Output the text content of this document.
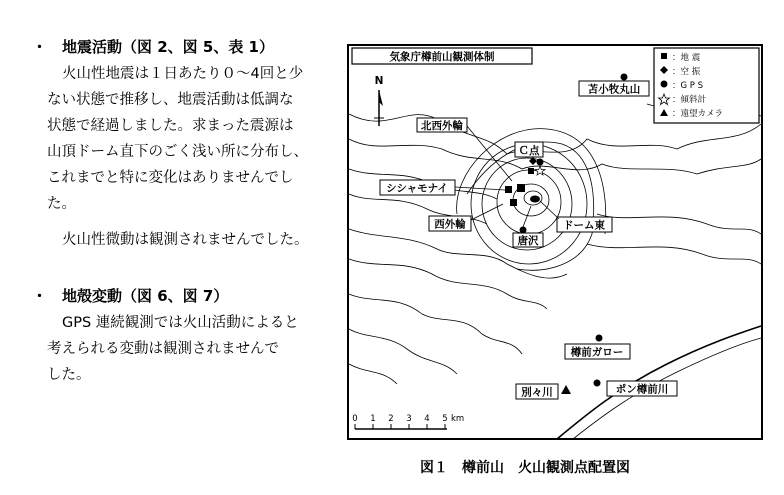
・ 地震活動（図 2、図 5、表 1）
火山性地震は１日あたり０～4回と少
ない状態で推移し、地震活動は低調な
状態で経過しました。求まった震源は
山頂ドーム直下のごく浅い所に分布し、
これまでと特に変化はありませんでし
た。
火山性微動は観測されませんでした。
・ 地殻変動（図 6、図 7）
GPS 連続観測では火山活動によると
考えられる変動は観測されませんで
した。
気象庁樽前山観測体制	：地 震
：空 振
：G P S
：傾斜計
：遠望カメラ
N
苫小牧丸山
北西外輪
Ｃ点
シシャモナイ
西外輪	ドーム東
唐沢
樽前ガロー
別々川	ポン樽前川
0 1 2 3 4 5 km
図１　樽前山　火山観測点配置図
